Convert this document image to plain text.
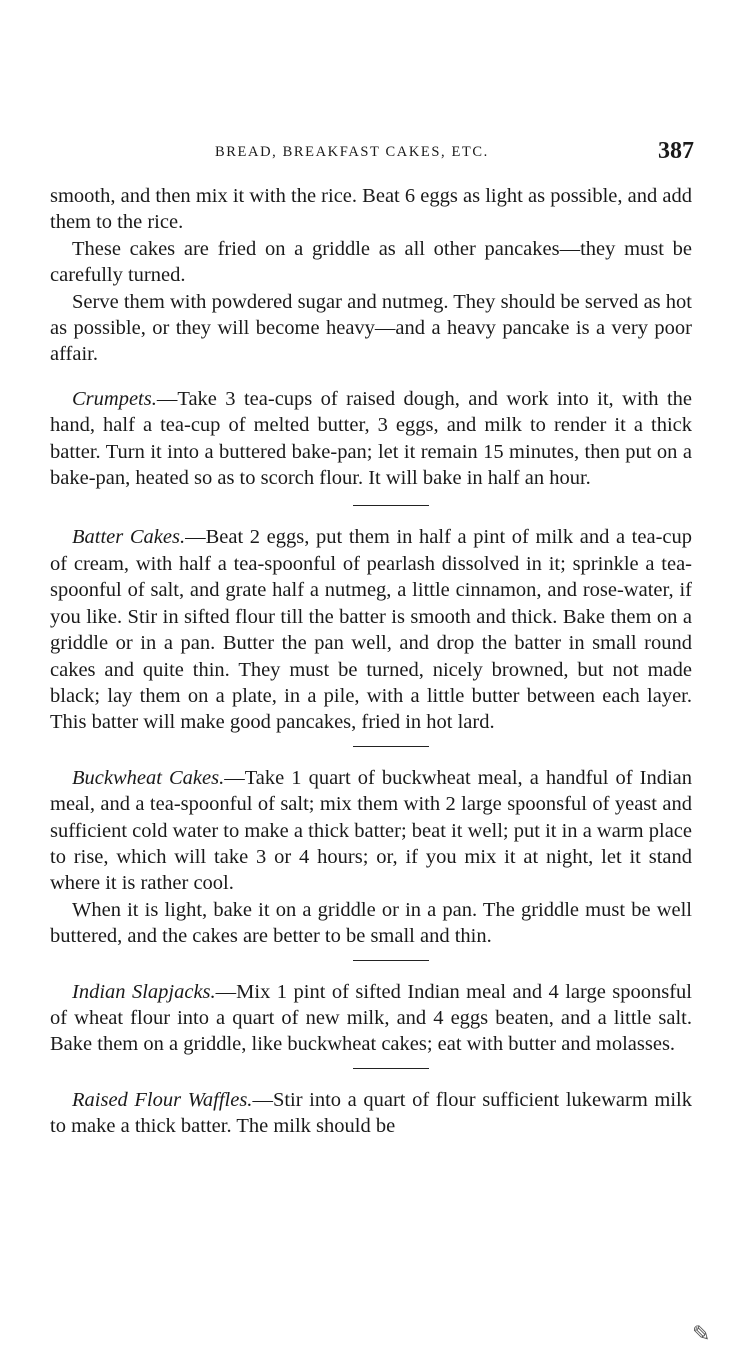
BREAD, BREAKFAST CAKES, ETC.	387

smooth, and then mix it with the rice. Beat 6 eggs as light as possible, and add them to the rice.

These cakes are fried on a griddle as all other pancakes—they must be carefully turned.

Serve them with powdered sugar and nutmeg. They should be served as hot as possible, or they will become heavy—and a heavy pancake is a very poor affair.

Crumpets.—Take 3 tea-cups of raised dough, and work into it, with the hand, half a tea-cup of melted butter, 3 eggs, and milk to render it a thick batter. Turn it into a buttered bake-pan; let it remain 15 minutes, then put on a bake-pan, heated so as to scorch flour. It will bake in half an hour.

Batter Cakes.—Beat 2 eggs, put them in half a pint of milk and a tea-cup of cream, with half a tea-spoonful of pearlash dissolved in it; sprinkle a tea-spoonful of salt, and grate half a nutmeg, a little cinnamon, and rose-water, if you like. Stir in sifted flour till the batter is smooth and thick. Bake them on a griddle or in a pan. Butter the pan well, and drop the batter in small round cakes and quite thin. They must be turned, nicely browned, but not made black; lay them on a plate, in a pile, with a little butter between each layer. This batter will make good pancakes, fried in hot lard.

Buckwheat Cakes.—Take 1 quart of buckwheat meal, a handful of Indian meal, and a tea-spoonful of salt; mix them with 2 large spoonsful of yeast and sufficient cold water to make a thick batter; beat it well; put it in a warm place to rise, which will take 3 or 4 hours; or, if you mix it at night, let it stand where it is rather cool.

When it is light, bake it on a griddle or in a pan. The griddle must be well buttered, and the cakes are better to be small and thin.

Indian Slapjacks.—Mix 1 pint of sifted Indian meal and 4 large spoonsful of wheat flour into a quart of new milk, and 4 eggs beaten, and a little salt. Bake them on a griddle, like buckwheat cakes; eat with butter and molasses.

Raised Flour Waffles.—Stir into a quart of flour sufficient lukewarm milk to make a thick batter. The milk should be

✎
